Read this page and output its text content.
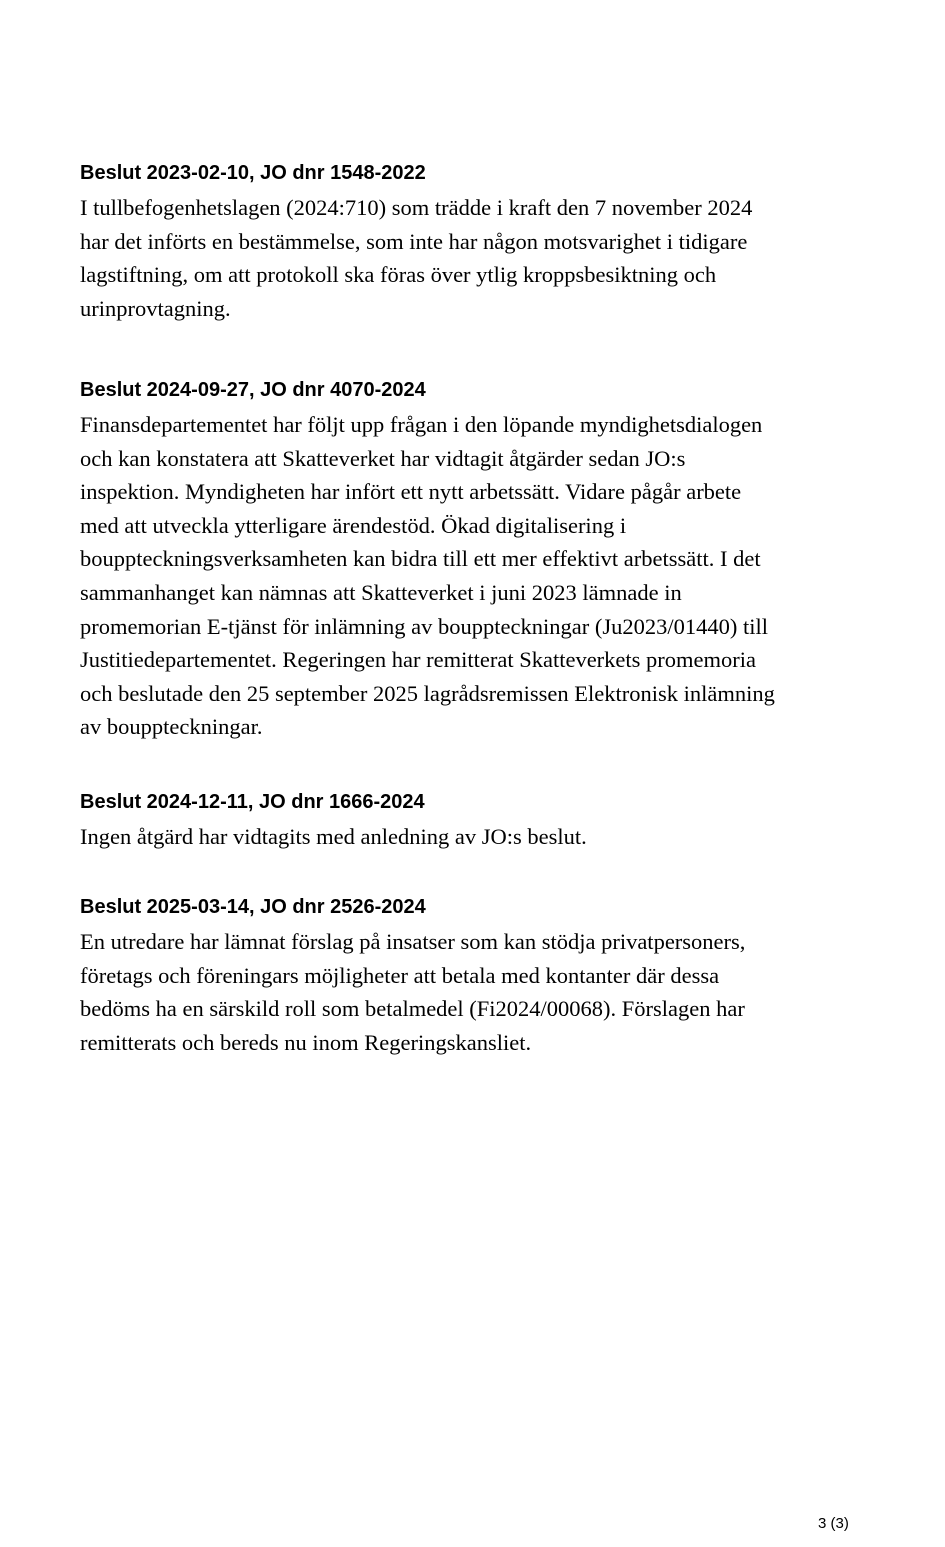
Beslut 2023-02-10, JO dnr 1548-2022

I tullbefogenhetslagen (2024:710) som trädde i kraft den 7 november 2024
har det införts en bestämmelse, som inte har någon motsvarighet i tidigare
lagstiftning, om att protokoll ska föras över ytlig kroppsbesiktning och
urinprovtagning.

Beslut 2024-09-27, JO dnr 4070-2024

Finansdepartementet har följt upp frågan i den löpande myndighetsdialogen
och kan konstatera att Skatteverket har vidtagit åtgärder sedan JO:s
inspektion. Myndigheten har infört ett nytt arbetssätt. Vidare pågår arbete
med att utveckla ytterligare ärendestöd. Ökad digitalisering i
bouppteckningsverksamheten kan bidra till ett mer effektivt arbetssätt. I det
sammanhanget kan nämnas att Skatteverket i juni 2023 lämnade in
promemorian E-tjänst för inlämning av bouppteckningar (Ju2023/01440) till
Justitiedepartementet. Regeringen har remitterat Skatteverkets promemoria
och beslutade den 25 september 2025 lagrådsremissen Elektronisk inlämning
av bouppteckningar.

Beslut 2024-12-11, JO dnr 1666-2024

Ingen åtgärd har vidtagits med anledning av JO:s beslut.

Beslut 2025-03-14, JO dnr 2526-2024

En utredare har lämnat förslag på insatser som kan stödja privatpersoners,
företags och föreningars möjligheter att betala med kontanter där dessa
bedöms ha en särskild roll som betalmedel (Fi2024/00068). Förslagen har
remitterats och bereds nu inom Regeringskansliet.

3 (3)
